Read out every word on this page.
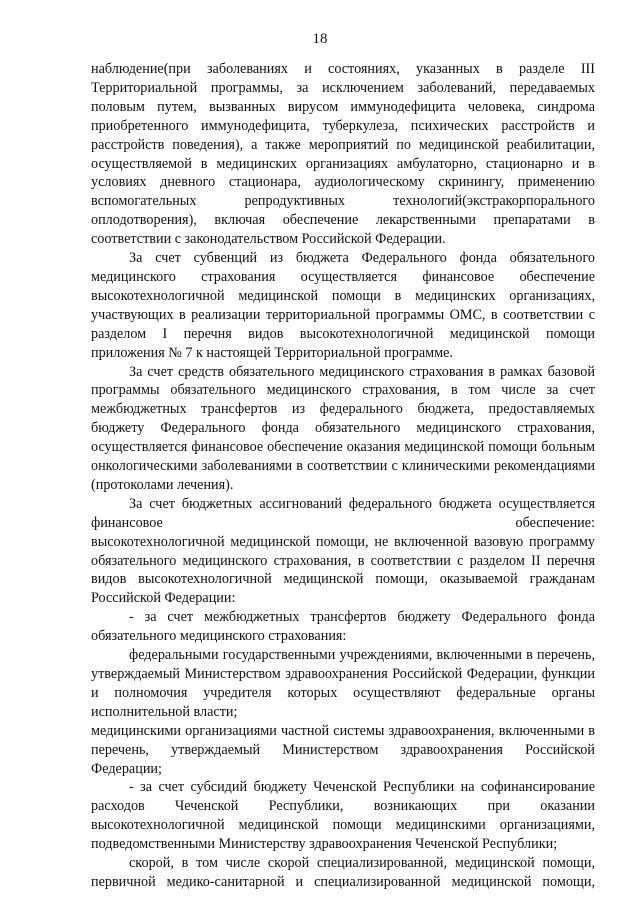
18

наблюдение(при заболеваниях и состояниях, указанных в разделе III Территориальной программы, за исключением заболеваний, передаваемых половым путем, вызванных вирусом иммунодефицита человека, синдрома приобретенного иммунодефицита, туберкулеза, психических расстройств и расстройств поведения), а также мероприятий по медицинской реабилитации, осуществляемой в медицинских организациях амбулаторно, стационарно и в условиях дневного стационара, аудиологическому скринингу, применению вспомогательных репродуктивных технологий(экстракорпорального оплодотворения), включая обеспечение лекарственными препаратами в соответствии с законодательством Российской Федерации.

За счет субвенций из бюджета Федерального фонда обязательного медицинского страхования осуществляется финансовое обеспечение высокотехнологичной медицинской помощи в медицинских организациях, участвующих в реализации территориальной программы ОМС, в соответствии с разделом I перечня видов высокотехнологичной медицинской помощи приложения № 7 к настоящей Территориальной программе.

За счет средств обязательного медицинского страхования в рамках базовой программы обязательного медицинского страхования, в том числе за счет межбюджетных трансфертов из федерального бюджета, предоставляемых бюджету Федерального фонда обязательного медицинского страхования, осуществляется финансовое обеспечение оказания медицинской помощи больным онкологическими заболеваниями в соответствии с клиническими рекомендациями (протоколами лечения).

За счет бюджетных ассигнований федерального бюджета осуществляется финансовое обеспечение:

высокотехнологичной медицинской помощи, не включенной вазовую программу обязательного медицинского страхования, в соответствии с разделом II перечня видов высокотехнологичной медицинской помощи, оказываемой гражданам Российской Федерации:

- за счет межбюджетных трансфертов бюджету Федерального фонда обязательного медицинского страхования:

федеральными государственными учреждениями, включенными в перечень, утверждаемый Министерством здравоохранения Российской Федерации, функции и полномочия учредителя которых осуществляют федеральные органы исполнительной власти;

медицинскими организациями частной системы здравоохранения, включенными в перечень, утверждаемый Министерством здравоохранения Российской Федерации;

- за счет субсидий бюджету Чеченской Республики на софинансирование расходов Чеченской Республики, возникающих при оказании высокотехнологичной медицинской помощи медицинскими организациями, подведомственными Министерству здравоохранения Чеченской Республики;

скорой, в том числе скорой специализированной, медицинской помощи, первичной медико-санитарной и специализированной медицинской помощи,
